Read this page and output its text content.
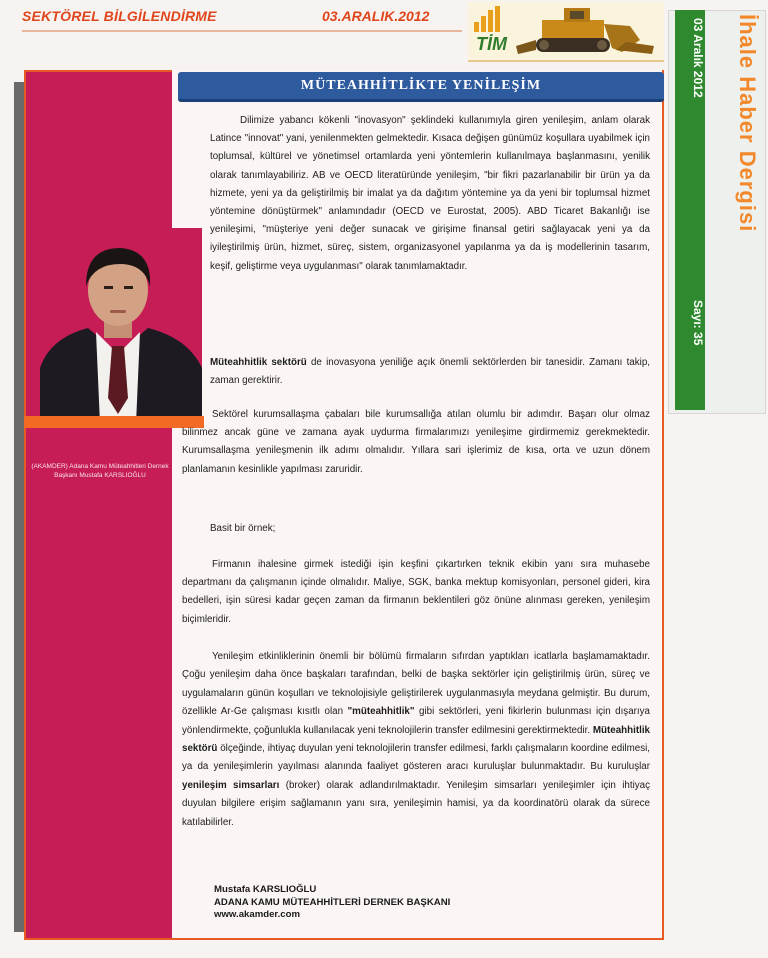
SEKTÖREL BİLGİLENDİRME	03.ARALIK.2012
TİM	03 Aralık 2012
Sayı: 35
İhale Haber Dergisi
(AKAMDER) Adana Kamu Müteahhitleri Dernek Başkanı Mustafa KARSLIOĞLU
MÜTEAHHİTLİKTE YENİLEŞİM

Dilimize yabancı kökenli "inovasyon" şeklindeki kullanımıyla giren yenileşim, anlam olarak Latince "innovat" yani, yenilenmekten gelmektedir. Kısaca değişen günümüz koşullara uyabilmek için toplumsal, kültürel ve yönetimsel ortamlarda yeni yöntemlerin kullanılmaya başlanmasını, yenilik olarak tanımlayabiliriz. AB ve OECD literatüründe yenileşim, "bir fikri pazarlanabilir bir ürün ya da hizmete, yeni ya da geliştirilmiş bir imalat ya da dağıtım yöntemine ya da yeni bir toplumsal hizmet yöntemine dönüştürmek" anlamındadır (OECD ve Eurostat, 2005). ABD Ticaret Bakanlığı ise yenileşimi, "müşteriye yeni değer sunacak ve girişime finansal getiri sağlayacak yeni ya da iyileştirilmiş ürün, hizmet, süreç, sistem, organizasyonel yapılanma ya da iş modellerinin tasarım, keşif, geliştirme veya uygulanması" olarak tanımlamaktadır.

Müteahhitlik sektörü de inovasyona yeniliğe açık önemli sektörlerden bir tanesidir. Zamanı takip, zaman gerektirir.

Sektörel kurumsallaşma çabaları bile kurumsallığa atılan olumlu bir adımdır. Başarı olur olmaz bilinmez ancak güne ve zamana ayak uydurma firmalarımızı yenileşime girdirmemiz gerekmektedir. Kurumsallaşma yenileşmenin ilk adımı olmalıdır. Yıllara sari işlerimiz de kısa, orta ve uzun dönem planlamanın kesinlikle yapılması zaruridir.

Basit bir örnek;

Firmanın ihalesine girmek istediği işin keşfini çıkartırken teknik ekibin yanı sıra muhasebe departmanı da çalışmanın içinde olmalıdır. Maliye, SGK, banka mektup komisyonları, personel gideri, kira bedelleri, işin süresi kadar geçen zaman da firmanın beklentileri göz önüne alınması gereken, yenileşim biçimleridir.

Yenileşim etkinliklerinin önemli bir bölümü firmaların sıfırdan yaptıkları icatlarla başlamamaktadır. Çoğu yenileşim daha önce başkaları tarafından, belki de başka sektörler için geliştirilmiş ürün, süreç ve uygulamaların günün koşulları ve teknolojisiyle geliştirilerek uygulanmasıyla meydana gelmiştir. Bu durum, özellikle Ar-Ge çalışması kısıtlı olan "müteahhitlik" gibi sektörleri, yeni fikirlerin bulunması için dışarıya yönlendirmekte, çoğunlukla kullanılacak yeni teknolojilerin transfer edilmesini gerektirmektedir. Müteahhitlik sektörü ölçeğinde, ihtiyaç duyulan yeni teknolojilerin transfer edilmesi, farklı çalışmaların koordine edilmesi, ya da yenileşimlerin yayılması alanında faaliyet gösteren aracı kuruluşlar bulunmaktadır. Bu kuruluşlar yenileşim simsarları (broker) olarak adlandırılmaktadır. Yenileşim simsarları yenileşimler için ihtiyaç duyulan bilgilere erişim sağlamanın yanı sıra, yenileşimin hamisi, ya da koordinatörü olarak da sürece katılabilirler.

Mustafa KARSLIOĞLU
ADANA KAMU MÜTEAHHİTLERİ DERNEK BAŞKANI
www.akamder.com
